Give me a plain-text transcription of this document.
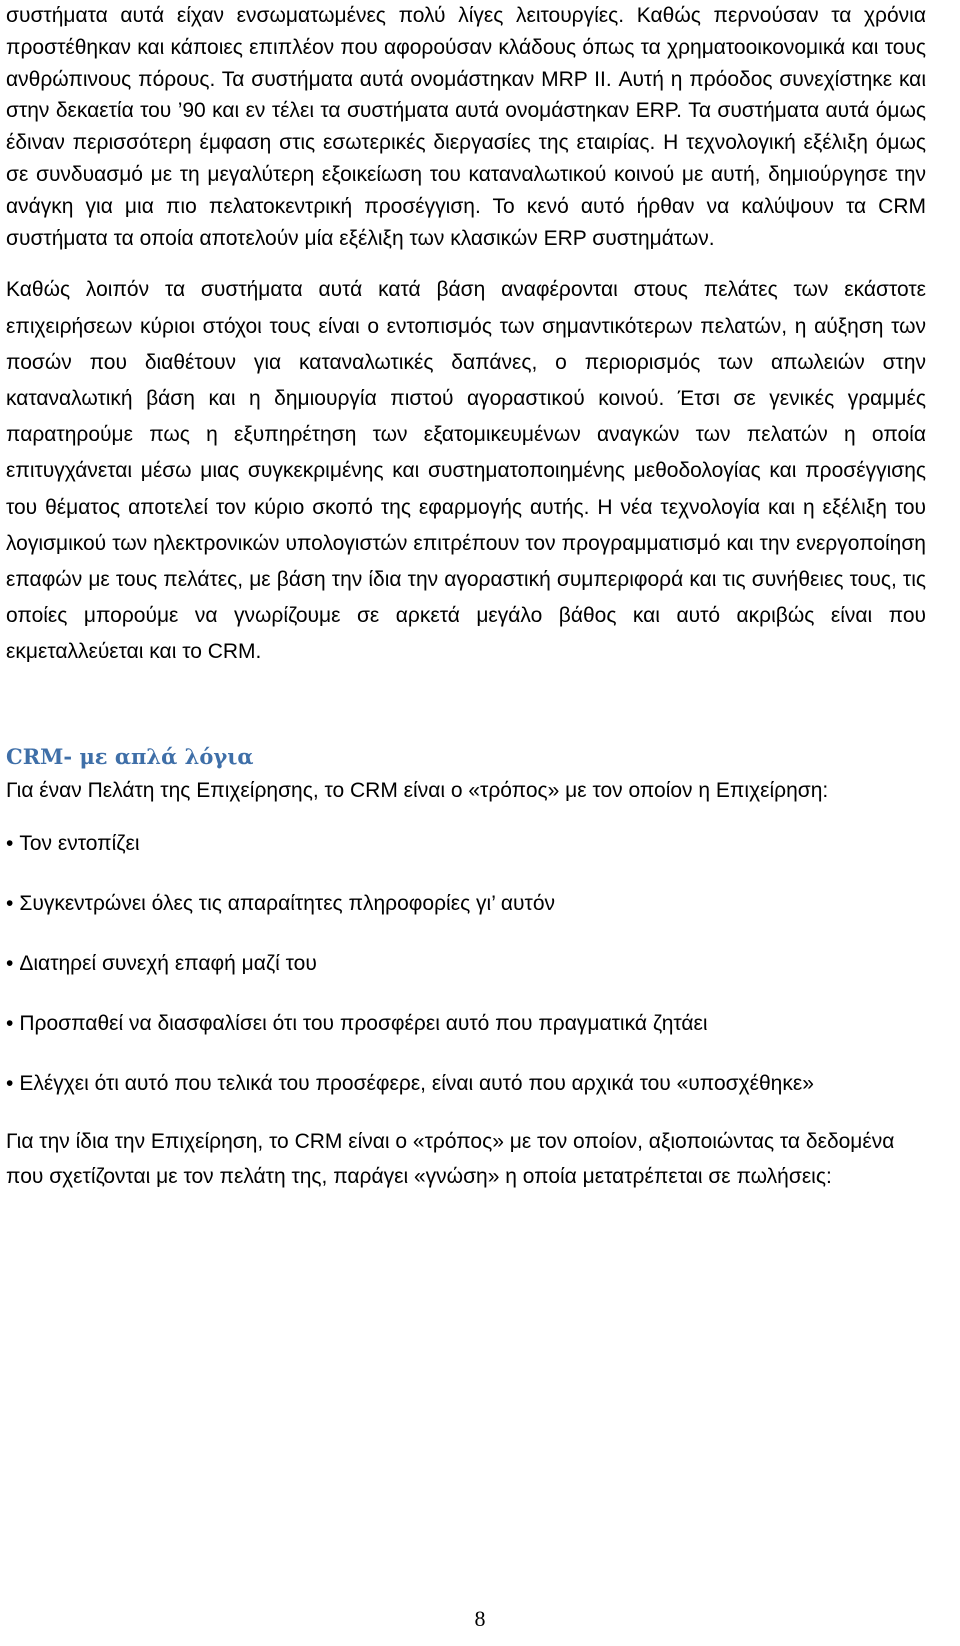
συστήματα αυτά είχαν ενσωματωμένες πολύ λίγες λειτουργίες. Καθώς περνούσαν τα χρόνια προστέθηκαν και κάποιες επιπλέον που αφορούσαν κλάδους όπως τα χρηματοοικονομικά και τους ανθρώπινους πόρους. Τα συστήματα αυτά ονομάστηκαν MRP II. Αυτή η πρόοδος συνεχίστηκε και στην δεκαετία του ’90 και εν τέλει τα συστήματα αυτά ονομάστηκαν ERP. Τα συστήματα αυτά όμως έδιναν περισσότερη έμφαση στις εσωτερικές διεργασίες της εταιρίας. Η τεχνολογική εξέλιξη όμως σε συνδυασμό με τη μεγαλύτερη εξοικείωση του καταναλωτικού κοινού με αυτή, δημιούργησε την ανάγκη για μια πιο πελατοκεντρική προσέγγιση. Το κενό αυτό ήρθαν να καλύψουν τα CRM συστήματα τα οποία αποτελούν μία εξέλιξη των κλασικών ERP συστημάτων.

Καθώς λοιπόν τα συστήματα αυτά κατά βάση αναφέρονται στους πελάτες των εκάστοτε επιχειρήσεων κύριοι στόχοι τους είναι ο εντοπισμός των σημαντικότερων πελατών, η αύξηση των ποσών που διαθέτουν για καταναλωτικές δαπάνες, ο περιορισμός των απωλειών στην καταναλωτική βάση και η δημιουργία πιστού αγοραστικού κοινού. Έτσι σε γενικές γραμμές παρατηρούμε πως η εξυπηρέτηση των εξατομικευμένων αναγκών των πελατών η οποία επιτυγχάνεται μέσω μιας συγκεκριμένης και συστηματοποιημένης μεθοδολογίας και προσέγγισης του θέματος αποτελεί τον κύριο σκοπό της εφαρμογής αυτής. Η νέα τεχνολογία και η εξέλιξη του λογισμικού των ηλεκτρονικών υπολογιστών επιτρέπουν τον προγραμματισμό και την ενεργοποίηση επαφών με τους πελάτες, με βάση την ίδια την αγοραστική συμπεριφορά και τις συνήθειες τους, τις οποίες μπορούμε να γνωρίζουμε σε αρκετά μεγάλο βάθος και αυτό ακριβώς είναι που εκμεταλλεύεται και το CRM.

CRM- με απλά λόγια

Για έναν Πελάτη της Επιχείρησης, το CRM είναι ο «τρόπος» με τον οποίον η Επιχείρηση:

• Τον εντοπίζει
• Συγκεντρώνει όλες τις απαραίτητες πληροφορίες γι’ αυτόν
• Διατηρεί συνεχή επαφή μαζί του
• Προσπαθεί να διασφαλίσει ότι του προσφέρει αυτό που πραγματικά ζητάει
• Ελέγχει ότι αυτό που τελικά του προσέφερε, είναι αυτό που αρχικά του «υποσχέθηκε»

Για την ίδια την Επιχείρηση, το CRM είναι ο «τρόπος» με τον οποίον, αξιοποιώντας τα δεδομένα που σχετίζονται με τον πελάτη της, παράγει «γνώση» η οποία μετατρέπεται σε πωλήσεις:

8
